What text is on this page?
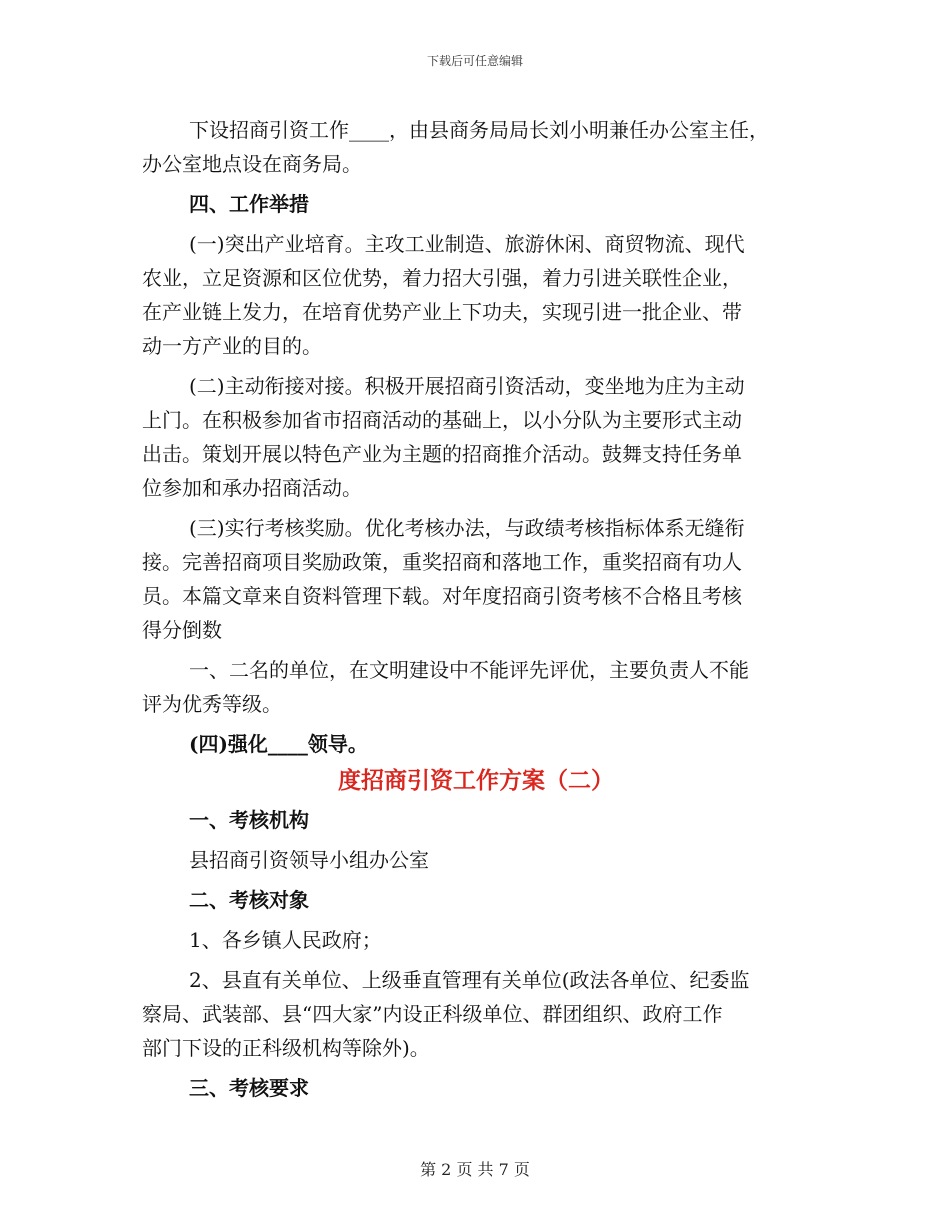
下载后可任意编辑

下设招商引资工作____，由县商务局局长刘小明兼任办公室主任，

办公室地点设在商务局。

四、工作举措

(一)突出产业培育。主攻工业制造、旅游休闲、商贸物流、现代

农业，立足资源和区位优势，着力招大引强，着力引进关联性企业，

在产业链上发力，在培育优势产业上下功夫，实现引进一批企业、带

动一方产业的目的。

(二)主动衔接对接。积极开展招商引资活动，变坐地为庄为主动

上门。在积极参加省市招商活动的基础上，以小分队为主要形式主动

出击。策划开展以特色产业为主题的招商推介活动。鼓舞支持任务单

位参加和承办招商活动。

(三)实行考核奖励。优化考核办法，与政绩考核指标体系无缝衔

接。完善招商项目奖励政策，重奖招商和落地工作，重奖招商有功人

员。本篇文章来自资料管理下载。对年度招商引资考核不合格且考核

得分倒数

一、二名的单位，在文明建设中不能评先评优，主要负责人不能

评为优秀等级。

(四)强化____领导。

度招商引资工作方案（二）

一、考核机构

县招商引资领导小组办公室

二、考核对象

1、各乡镇人民政府；

2、县直有关单位、上级垂直管理有关单位(政法各单位、纪委监

察局、武装部、县“四大家”内设正科级单位、群团组织、政府工作

部门下设的正科级机构等除外)。

三、考核要求

第 2 页 共 7 页
